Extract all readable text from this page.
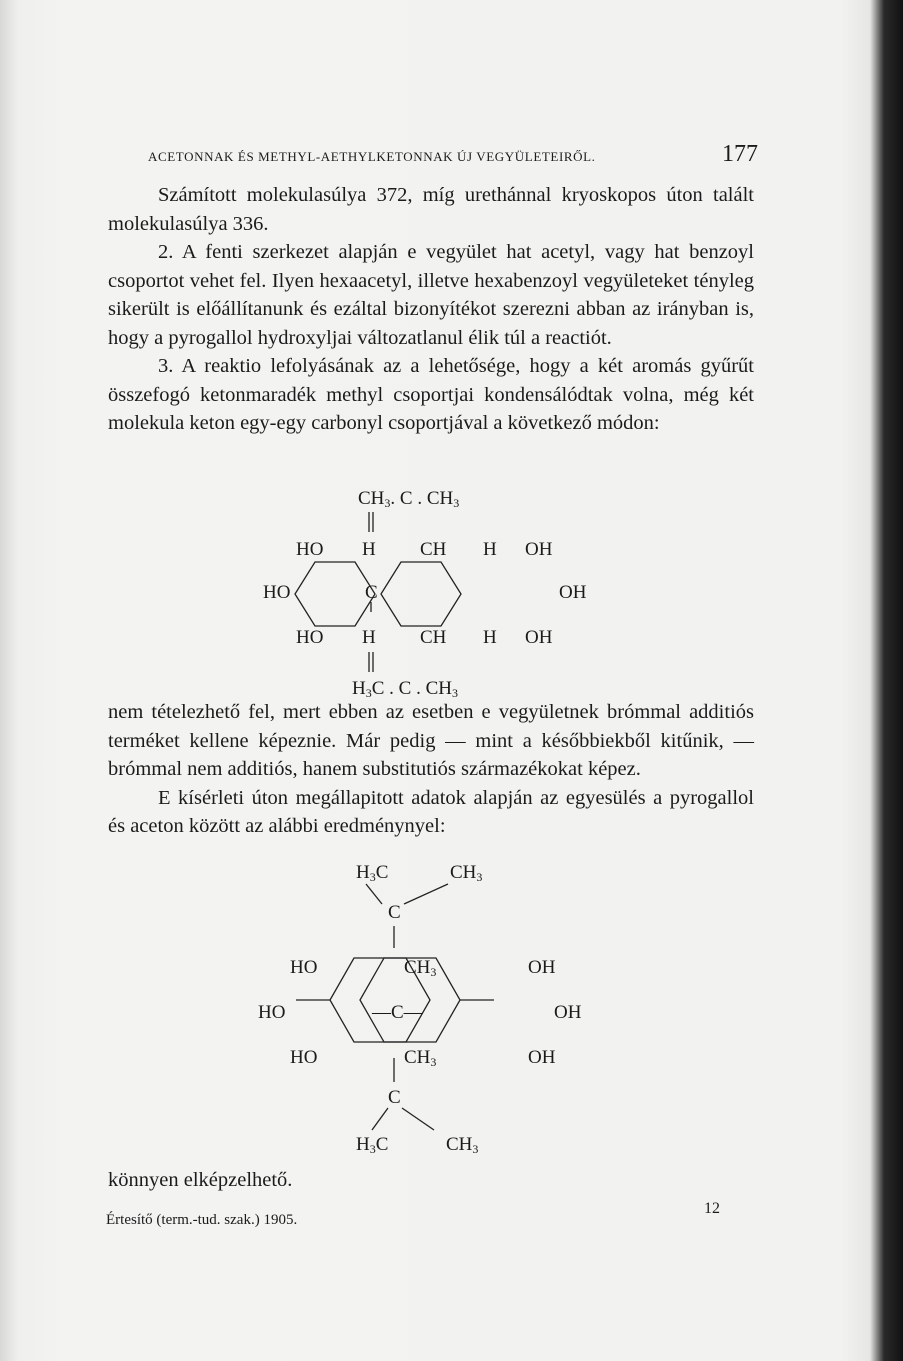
ACETONNAK ÉS METHYL-AETHYLKETONNAK ÚJ VEGYÜLETEIRŐL.	177

Számított molekulasúlya 372, míg urethánnal kryoskopos úton talált molekulasúlya 336.

2. A fenti szerkezet alapján e vegyület hat acetyl, vagy hat benzoyl csoportot vehet fel. Ilyen hexaacetyl, illetve hexabenzoyl vegyületeket tényleg sikerült is előállítanunk és ezáltal bizonyítékot szerezni abban az irányban is, hogy a pyrogallol hydroxyljai változatlanul élik túl a reactiót.

3. A reaktio lefolyásának az a lehetősége, hogy a két aromás gyűrűt összefogó ketonmaradék methyl csoportjai kondensálódtak volna, még két molekula keton egy-egy carbonyl csoportjával a következő módon:

$CH_3$. C . $CH_3$
HO H CH H OH
HO	C	OH
HO H CH H OH
$H_3C$ . C . $CH_3$

nem tételezhető fel, mert ebben az esetben e vegyületnek brómmal additiós terméket kellene képeznie. Már pedig — mint a későbbiekből kitűnik, — brómmal nem additiós, hanem substitutiós származékokat képez.

E kísérleti úton megállapitott adatok alapján az egyesülés a pyrogallol és aceton között az alábbi eredménynyel:

$H_3C$	$CH_3$
C
HO	$CH_3$	OH
HO	—C—	OH
HO	$CH_3$	OH
C
$H_3C$	$CH_3$

könnyen elképzelhető.

Értesítő (term.-tud. szak.) 1905.
12
